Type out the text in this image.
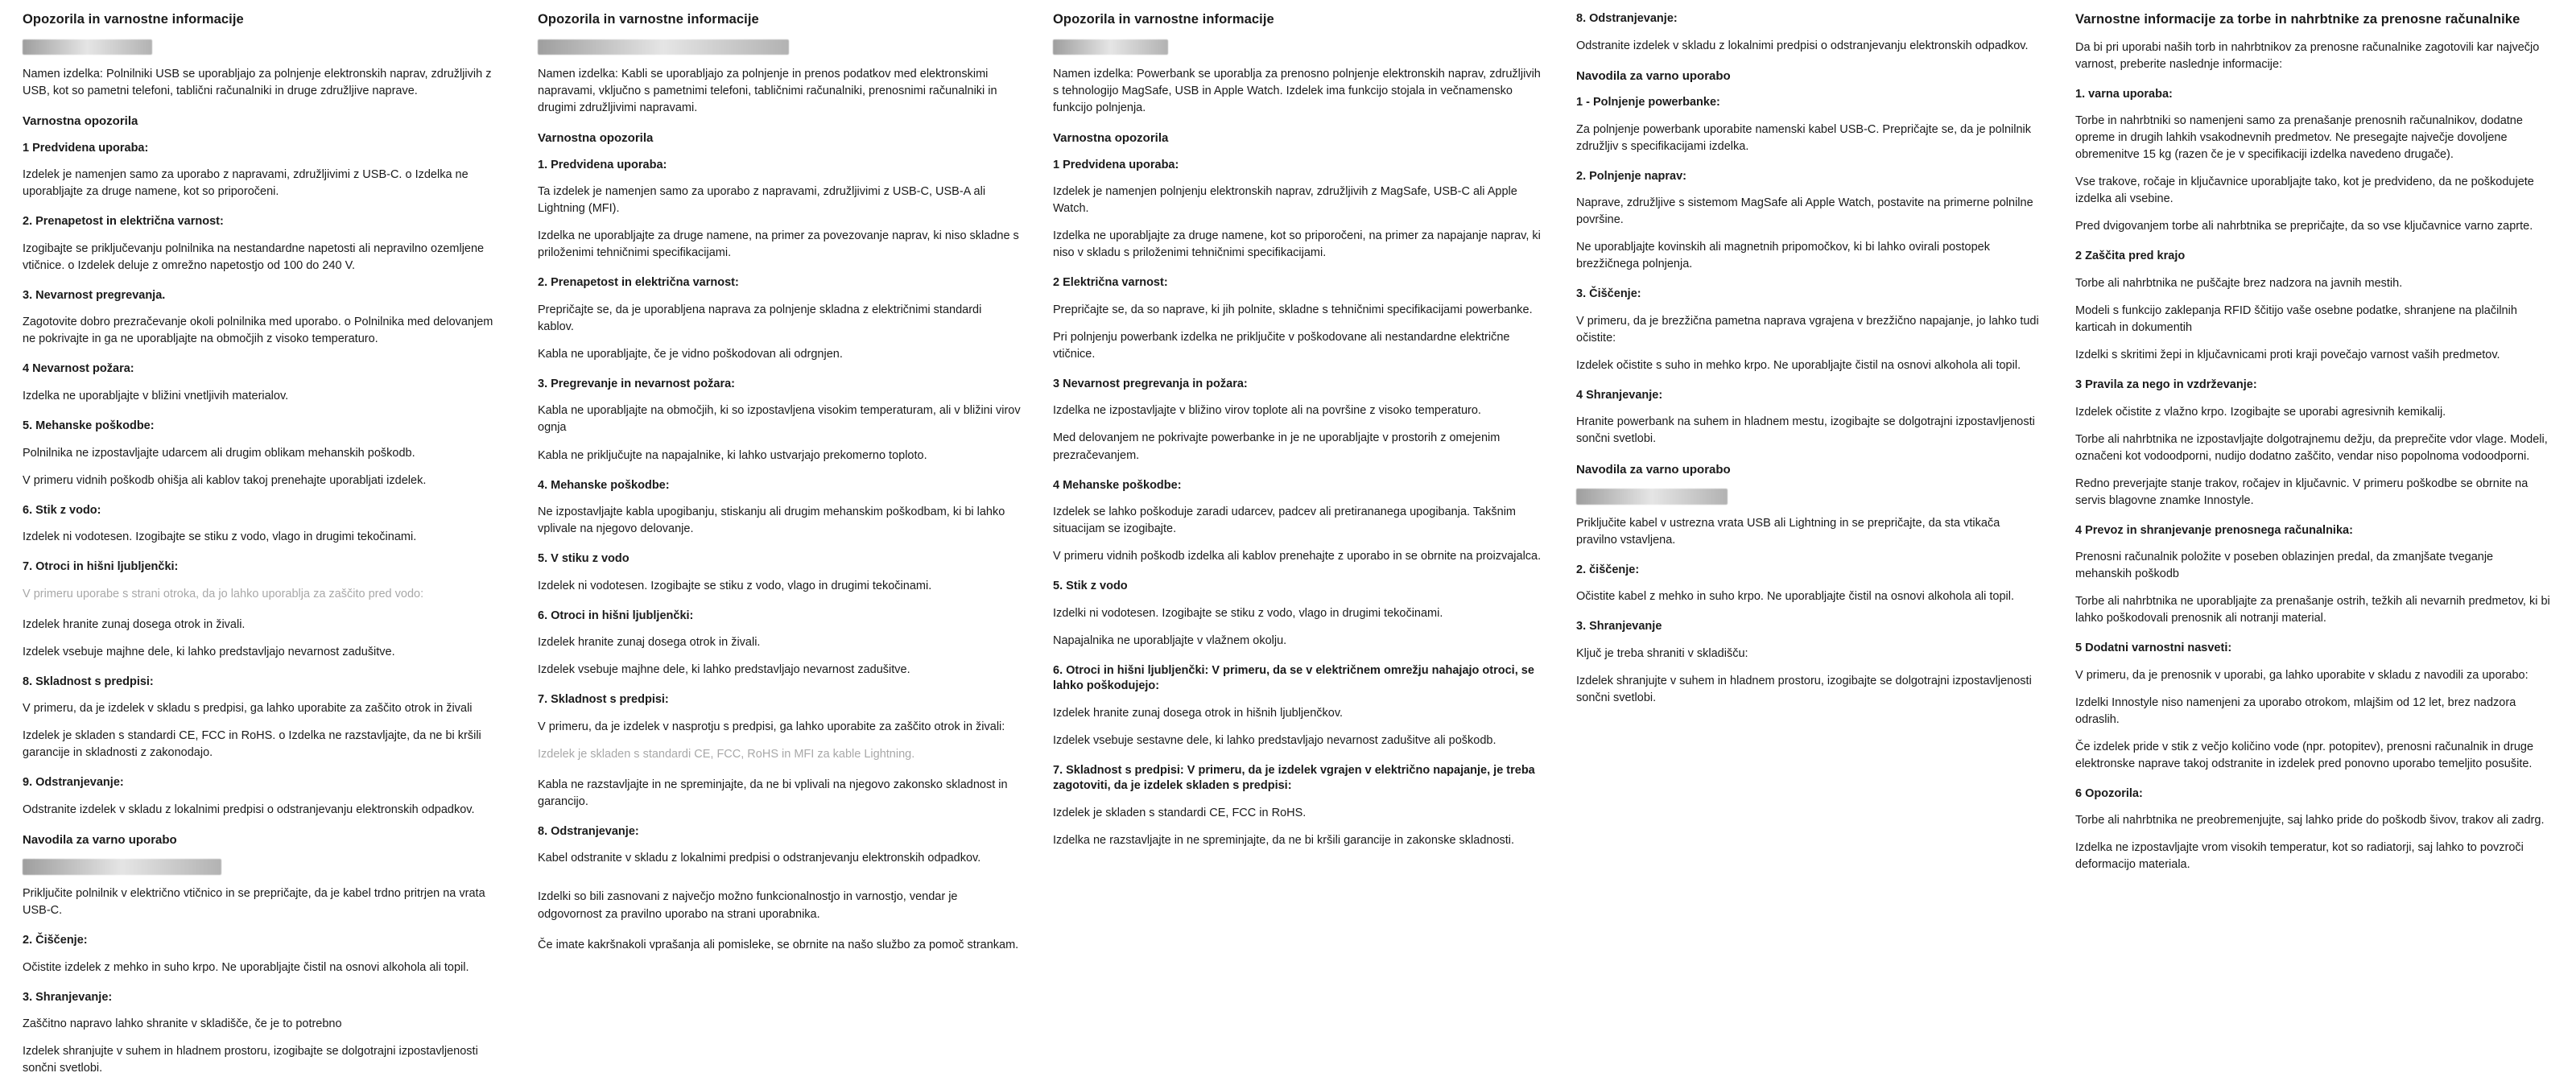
Opozorila in varnostne informacije
Namen izdelka: Polnilniki USB se uporabljajo za polnjenje elektronskih naprav, združljivih z USB, kot so pametni telefoni, tablični računalniki in druge združljive naprave.
Varnostna opozorila
1 Predvidena uporaba:
Izdelek je namenjen samo za uporabo z napravami, združljivimi z USB-C. o Izdelka ne uporabljajte za druge namene, kot so priporočeni.
2. Prenapetost in električna varnost:
Izogibajte se priključevanju polnilnika na nestandardne napetosti ali nepravilno ozemljene vtičnice. o Izdelek deluje z omrežno napetostjo od 100 do 240 V.
3. Nevarnost pregrevanja.
Zagotovite dobro prezračevanje okoli polnilnika med uporabo. o Polnilnika med delovanjem ne pokrivajte in ga ne uporabljajte na območjih z visoko temperaturo.
4 Nevarnost požara:
Izdelka ne uporabljajte v bližini vnetljivih materialov.
5. Mehanske poškodbe:
Polnilnika ne izpostavljajte udarcem ali drugim oblikam mehanskih poškodb.
V primeru vidnih poškodb ohišja ali kablov takoj prenehajte uporabljati izdelek.
6. Stik z vodo:
Izdelek ni vodotesen. Izogibajte se stiku z vodo, vlago in drugimi tekočinami.
7. Otroci in hišni ljubljenčki:
V primeru uporabe s strani otroka, da jo lahko uporablja za zaščito pred vodo:
Izdelek hranite zunaj dosega otrok in živali.
Izdelek vsebuje majhne dele, ki lahko predstavljajo nevarnost zadušitve.
8. Skladnost s predpisi:
V primeru, da je izdelek v skladu s predpisi, ga lahko uporabite za zaščito otrok in živali
Izdelek je skladen s standardi CE, FCC in RoHS. o Izdelka ne razstavljajte, da ne bi kršili garancije in skladnosti z zakonodajo.
9. Odstranjevanje:
Odstranite izdelek v skladu z lokalnimi predpisi o odstranjevanju elektronskih odpadkov.
Navodila za varno uporabo
Priključite polnilnik v električno vtičnico in se prepričajte, da je kabel trdno pritrjen na vrata USB-C.
2. Čiščenje:
Očistite izdelek z mehko in suho krpo. Ne uporabljajte čistil na osnovi alkohola ali topil.
3. Shranjevanje:
Zaščitno napravo lahko shranite v skladišče, če je to potrebno
Izdelek shranjujte v suhem in hladnem prostoru, izogibajte se dolgotrajni izpostavljenosti sončni svetlobi.
Opozorila in varnostne informacije
Namen izdelka: Kabli se uporabljajo za polnjenje in prenos podatkov med elektronskimi napravami, vključno s pametnimi telefoni, tabličnimi računalniki, prenosnimi računalniki in drugimi združljivimi napravami.
Varnostna opozorila
1. Predvidena uporaba:
Ta izdelek je namenjen samo za uporabo z napravami, združljivimi z USB-C, USB-A ali Lightning (MFI).
Izdelka ne uporabljajte za druge namene, na primer za povezovanje naprav, ki niso skladne s priloženimi tehničnimi specifikacijami.
2. Prenapetost in električna varnost:
Prepričajte se, da je uporabljena naprava za polnjenje skladna z električnimi standardi kablov.
Kabla ne uporabljajte, če je vidno poškodovan ali odrgnjen.
3. Pregrevanje in nevarnost požara:
Kabla ne uporabljajte na območjih, ki so izpostavljena visokim temperaturam, ali v bližini virov ognja
Kabla ne priključujte na napajalnike, ki lahko ustvarjajo prekomerno toploto.
4. Mehanske poškodbe:
Ne izpostavljajte kabla upogibanju, stiskanju ali drugim mehanskim poškodbam, ki bi lahko vplivale na njegovo delovanje.
5. V stiku z vodo
Izdelek ni vodotesen. Izogibajte se stiku z vodo, vlago in drugimi tekočinami.
6. Otroci in hišni ljubljenčki:
Izdelek hranite zunaj dosega otrok in živali.
Izdelek vsebuje majhne dele, ki lahko predstavljajo nevarnost zadušitve.
7. Skladnost s predpisi:
V primeru, da je izdelek v nasprotju s predpisi, ga lahko uporabite za zaščito otrok in živali:
Izdelek je skladen s standardi CE, FCC, RoHS in MFI za kable Lightning.
Kabla ne razstavljajte in ne spreminjajte, da ne bi vplivali na njegovo zakonsko skladnost in garancijo.
8. Odstranjevanje:
Kabel odstranite v skladu z lokalnimi predpisi o odstranjevanju elektronskih odpadkov.
Izdelki so bili zasnovani z največjo možno funkcionalnostjo in varnostjo, vendar je odgovornost za pravilno uporabo na strani uporabnika.
Če imate kakršnakoli vprašanja ali pomisleke, se obrnite na našo službo za pomoč strankam.
Opozorila in varnostne informacije
Namen izdelka: Powerbank se uporablja za prenosno polnjenje elektronskih naprav, združljivih s tehnologijo MagSafe, USB in Apple Watch. Izdelek ima funkcijo stojala in večnamensko funkcijo polnjenja.
Varnostna opozorila
1 Predvidena uporaba:
Izdelek je namenjen polnjenju elektronskih naprav, združljivih z MagSafe, USB-C ali Apple Watch.
Izdelka ne uporabljajte za druge namene, kot so priporočeni, na primer za napajanje naprav, ki niso v skladu s priloženimi tehničnimi specifikacijami.
2 Električna varnost:
Prepričajte se, da so naprave, ki jih polnite, skladne s tehničnimi specifikacijami powerbanke.
Pri polnjenju powerbank izdelka ne priključite v poškodovane ali nestandardne električne vtičnice.
3 Nevarnost pregrevanja in požara:
Izdelka ne izpostavljajte v bližino virov toplote ali na površine z visoko temperaturo.
Med delovanjem ne pokrivajte powerbanke in je ne uporabljajte v prostorih z omejenim prezračevanjem.
4 Mehanske poškodbe:
Izdelek se lahko poškoduje zaradi udarcev, padcev ali pretirananega upogibanja. Takšnim situacijam se izogibajte.
V primeru vidnih poškodb izdelka ali kablov prenehajte z uporabo in se obrnite na proizvajalca.
5. Stik z vodo
Izdelki ni vodotesen. Izogibajte se stiku z vodo, vlago in drugimi tekočinami.
Napajalnika ne uporabljajte v vlažnem okolju.
6. Otroci in hišni ljubljenčki: V primeru, da se v električnem omrežju nahajajo otroci, se lahko poškodujejo:
Izdelek hranite zunaj dosega otrok in hišnih ljubljenčkov.
Izdelek vsebuje sestavne dele, ki lahko predstavljajo nevarnost zadušitve ali poškodb.
7. Skladnost s predpisi: V primeru, da je izdelek vgrajen v električno napajanje, je treba zagotoviti, da je izdelek skladen s predpisi:
Izdelek je skladen s standardi CE, FCC in RoHS.
Izdelka ne razstavljajte in ne spreminjajte, da ne bi kršili garancije in zakonske skladnosti.
8. Odstranjevanje:
Odstranite izdelek v skladu z lokalnimi predpisi o odstranjevanju elektronskih odpadkov.
Navodila za varno uporabo
1 - Polnjenje powerbanke:
Za polnjenje powerbank uporabite namenski kabel USB-C. Prepričajte se, da je polnilnik združljiv s specifikacijami izdelka.
2. Polnjenje naprav:
Naprave, združljive s sistemom MagSafe ali Apple Watch, postavite na primerne polnilne površine.
Ne uporabljajte kovinskih ali magnetnih pripomočkov, ki bi lahko ovirali postopek brezžičnega polnjenja.
3. Čiščenje:
V primeru, da je brezžična pametna naprava vgrajena v brezžično napajanje, jo lahko tudi očistite:
Izdelek očistite s suho in mehko krpo. Ne uporabljajte čistil na osnovi alkohola ali topil.
4 Shranjevanje:
Hranite powerbank na suhem in hladnem mestu, izogibajte se dolgotrajni izpostavljenosti sončni svetlobi.
Navodila za varno uporabo
Priključite kabel v ustrezna vrata USB ali Lightning in se prepričajte, da sta vtikača pravilno vstavljena.
2. čiščenje:
Očistite kabel z mehko in suho krpo. Ne uporabljajte čistil na osnovi alkohola ali topil.
3. Shranjevanje
Ključ je treba shraniti v skladišču:
Izdelek shranjujte v suhem in hladnem prostoru, izogibajte se dolgotrajni izpostavljenosti sončni svetlobi.
Varnostne informacije za torbe in nahrbtnike za prenosne računalnike
Da bi pri uporabi naših torb in nahrbtnikov za prenosne računalnike zagotovili kar največjo varnost, preberite naslednje informacije:
1. varna uporaba:
Torbe in nahrbtniki so namenjeni samo za prenašanje prenosnih računalnikov, dodatne opreme in drugih lahkih vsakodnevnih predmetov. Ne presegajte največje dovoljene obremenitve 15 kg (razen če je v specifikaciji izdelka navedeno drugače).
Vse trakove, ročaje in ključavnice uporabljajte tako, kot je predvideno, da ne poškodujete izdelka ali vsebine.
Pred dvigovanjem torbe ali nahrbtnika se prepričajte, da so vse ključavnice varno zaprte.
2 Zaščita pred krajo
Torbe ali nahrbtnika ne puščajte brez nadzora na javnih mestih.
Modeli s funkcijo zaklepanja RFID ščitijo vaše osebne podatke, shranjene na plačilnih karticah in dokumentih
Izdelki s skritimi žepi in ključavnicami proti kraji povečajo varnost vaših predmetov.
3 Pravila za nego in vzdrževanje:
Izdelek očistite z vlažno krpo. Izogibajte se uporabi agresivnih kemikalij.
Torbe ali nahrbtnika ne izpostavljajte dolgotrajnemu dežju, da preprečite vdor vlage. Modeli, označeni kot vodoodporni, nudijo dodatno zaščito, vendar niso popolnoma vodoodporni.
Redno preverjajte stanje trakov, ročajev in ključavnic. V primeru poškodbe se obrnite na servis blagovne znamke Innostyle.
4 Prevoz in shranjevanje prenosnega računalnika:
Prenosni računalnik položite v poseben oblazinjen predal, da zmanjšate tveganje mehanskih poškodb
Torbe ali nahrbtnika ne uporabljajte za prenašanje ostrih, težkih ali nevarnih predmetov, ki bi lahko poškodovali prenosnik ali notranji material.
5 Dodatni varnostni nasveti:
V primeru, da je prenosnik v uporabi, ga lahko uporabite v skladu z navodili za uporabo:
Izdelki Innostyle niso namenjeni za uporabo otrokom, mlajšim od 12 let, brez nadzora odraslih.
Če izdelek pride v stik z večjo količino vode (npr. potopitev), prenosni računalnik in druge elektronske naprave takoj odstranite in izdelek pred ponovno uporabo temeljito posušite.
6 Opozorila:
Torbe ali nahrbtnika ne preobremenjujte, saj lahko pride do poškodb šivov, trakov ali zadrg.
Izdelka ne izpostavljajte vrom visokih temperatur, kot so radiatorji, saj lahko to povzroči deformacijo materiala.
